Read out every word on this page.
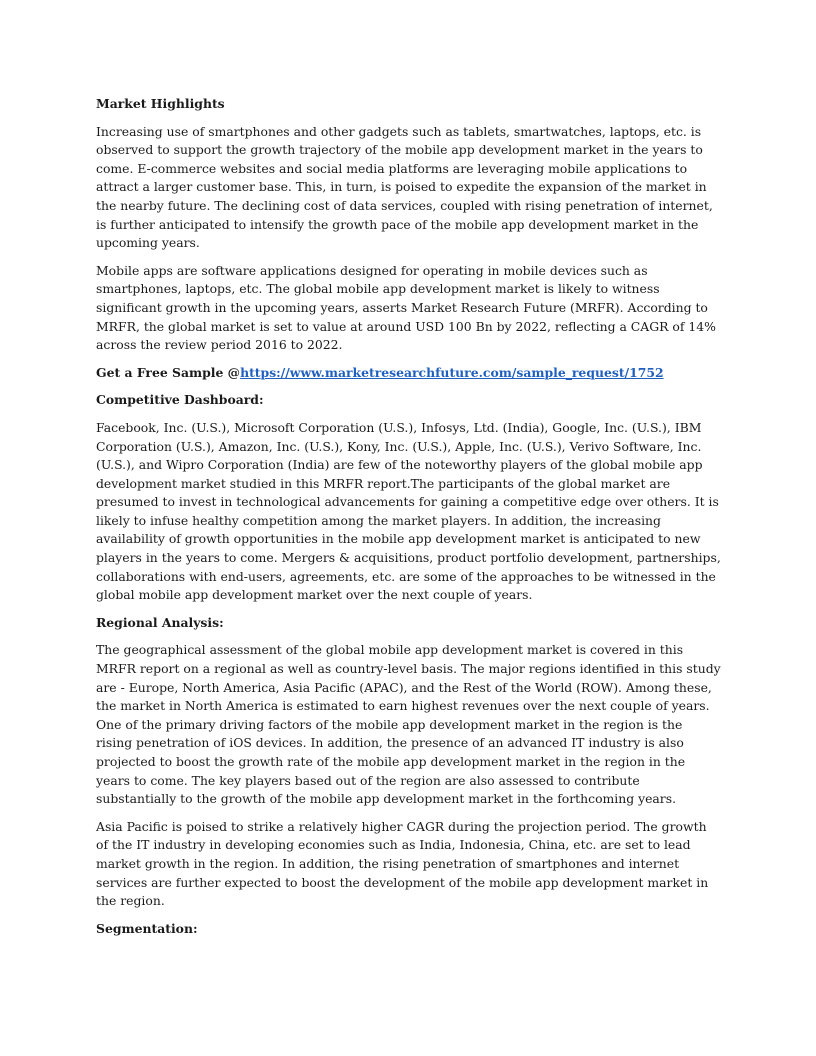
Market Highlights
Increasing use of smartphones and other gadgets such as tablets, smartwatches, laptops, etc. is observed to support the growth trajectory of the mobile app development market in the years to come. E-commerce websites and social media platforms are leveraging mobile applications to attract a larger customer base. This, in turn, is poised to expedite the expansion of the market in the nearby future. The declining cost of data services, coupled with rising penetration of internet, is further anticipated to intensify the growth pace of the mobile app development market in the upcoming years.
Mobile apps are software applications designed for operating in mobile devices such as smartphones, laptops, etc. The global mobile app development market is likely to witness significant growth in the upcoming years, asserts Market Research Future (MRFR). According to MRFR, the global market is set to value at around USD 100 Bn by 2022, reflecting a CAGR of 14% across the review period 2016 to 2022.
Get a Free Sample @https://www.marketresearchfuture.com/sample_request/1752
Competitive Dashboard:
Facebook, Inc. (U.S.), Microsoft Corporation (U.S.), Infosys, Ltd. (India), Google, Inc. (U.S.), IBM Corporation (U.S.), Amazon, Inc. (U.S.), Kony, Inc. (U.S.), Apple, Inc. (U.S.), Verivo Software, Inc. (U.S.), and Wipro Corporation (India) are few of the noteworthy players of the global mobile app development market studied in this MRFR report.The participants of the global market are presumed to invest in technological advancements for gaining a competitive edge over others. It is likely to infuse healthy competition among the market players. In addition, the increasing availability of growth opportunities in the mobile app development market is anticipated to new players in the years to come. Mergers & acquisitions, product portfolio development, partnerships, collaborations with end-users, agreements, etc. are some of the approaches to be witnessed in the global mobile app development market over the next couple of years.
Regional Analysis:
The geographical assessment of the global mobile app development market is covered in this MRFR report on a regional as well as country-level basis. The major regions identified in this study are - Europe, North America, Asia Pacific (APAC), and the Rest of the World (ROW). Among these, the market in North America is estimated to earn highest revenues over the next couple of years. One of the primary driving factors of the mobile app development market in the region is the rising penetration of iOS devices. In addition, the presence of an advanced IT industry is also projected to boost the growth rate of the mobile app development market in the region in the years to come. The key players based out of the region are also assessed to contribute substantially to the growth of the mobile app development market in the forthcoming years.
Asia Pacific is poised to strike a relatively higher CAGR during the projection period. The growth of the IT industry in developing economies such as India, Indonesia, China, etc. are set to lead market growth in the region. In addition, the rising penetration of smartphones and internet services are further expected to boost the development of the mobile app development market in the region.
Segmentation:
